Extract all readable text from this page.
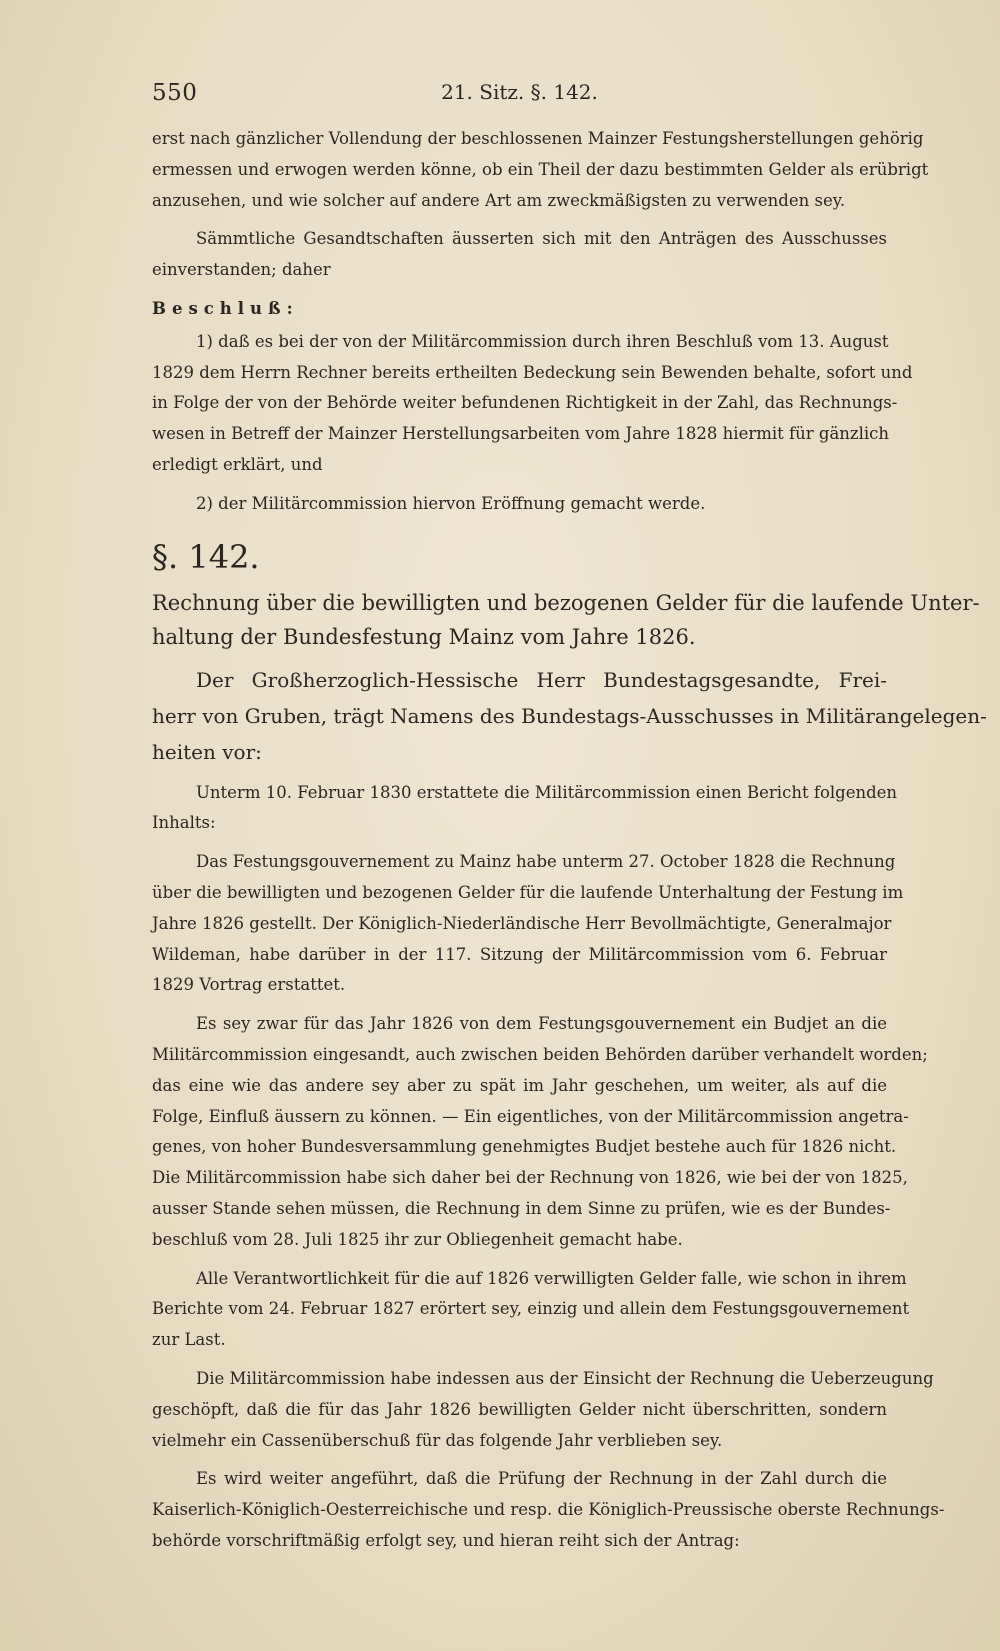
550	21. Sitz. §. 142.
erst nach gänzlicher Vollendung der beschlossenen Mainzer Festungsherstellungen gehörig
ermessen und erwogen werden könne, ob ein Theil der dazu bestimmten Gelder als erübrigt
anzusehen, und wie solcher auf andere Art am zweckmäßigsten zu verwenden sey.
Sämmtliche Gesandtschaften äusserten sich mit den Anträgen des Ausschusses
einverstanden; daher
Beschluß:
1) daß es bei der von der Militärcommission durch ihren Beschluß vom 13. August
1829 dem Herrn Rechner bereits ertheilten Bedeckung sein Bewenden behalte, sofort und
in Folge der von der Behörde weiter befundenen Richtigkeit in der Zahl, das Rechnungs-
wesen in Betreff der Mainzer Herstellungsarbeiten vom Jahre 1828 hiermit für gänzlich
erledigt erklärt, und
2) der Militärcommission hiervon Eröffnung gemacht werde.
§. 142.
Rechnung über die bewilligten und bezogenen Gelder für die laufende Unter-
haltung der Bundesfestung Mainz vom Jahre 1826.
Der Großherzoglich-Hessische Herr Bundestagsgesandte, Frei-
herr von Gruben, trägt Namens des Bundestags-Ausschusses in Militärangelegen-
heiten vor:
Unterm 10. Februar 1830 erstattete die Militärcommission einen Bericht folgenden
Inhalts:
Das Festungsgouvernement zu Mainz habe unterm 27. October 1828 die Rechnung
über die bewilligten und bezogenen Gelder für die laufende Unterhaltung der Festung im
Jahre 1826 gestellt. Der Königlich-Niederländische Herr Bevollmächtigte, Generalmajor
Wildeman, habe darüber in der 117. Sitzung der Militärcommission vom 6. Februar
1829 Vortrag erstattet.
Es sey zwar für das Jahr 1826 von dem Festungsgouvernement ein Budjet an die
Militärcommission eingesandt, auch zwischen beiden Behörden darüber verhandelt worden;
das eine wie das andere sey aber zu spät im Jahr geschehen, um weiter, als auf die
Folge, Einfluß äussern zu können. — Ein eigentliches, von der Militärcommission angetra-
genes, von hoher Bundesversammlung genehmigtes Budjet bestehe auch für 1826 nicht.
Die Militärcommission habe sich daher bei der Rechnung von 1826, wie bei der von 1825,
ausser Stande sehen müssen, die Rechnung in dem Sinne zu prüfen, wie es der Bundes-
beschluß vom 28. Juli 1825 ihr zur Obliegenheit gemacht habe.
Alle Verantwortlichkeit für die auf 1826 verwilligten Gelder falle, wie schon in ihrem
Berichte vom 24. Februar 1827 erörtert sey, einzig und allein dem Festungsgouvernement
zur Last.
Die Militärcommission habe indessen aus der Einsicht der Rechnung die Ueberzeugung
geschöpft, daß die für das Jahr 1826 bewilligten Gelder nicht überschritten, sondern
vielmehr ein Cassenüberschuß für das folgende Jahr verblieben sey.
Es wird weiter angeführt, daß die Prüfung der Rechnung in der Zahl durch die
Kaiserlich-Königlich-Oesterreichische und resp. die Königlich-Preussische oberste Rechnungs-
behörde vorschriftmäßig erfolgt sey, und hieran reiht sich der Antrag:
